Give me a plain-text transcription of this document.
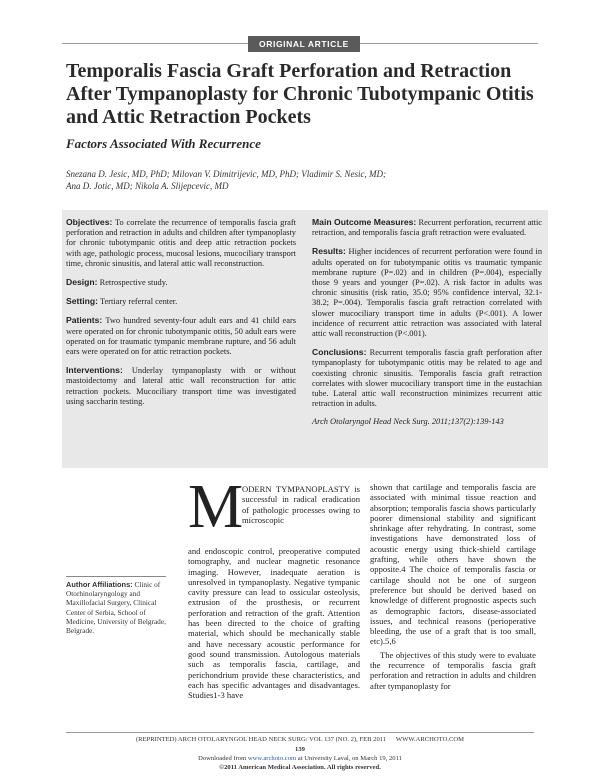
ORIGINAL ARTICLE
Temporalis Fascia Graft Perforation and Retraction After Tympanoplasty for Chronic Tubotympanic Otitis and Attic Retraction Pockets
Factors Associated With Recurrence
Snezana D. Jesic, MD, PhD; Milovan V. Dimitrijevic, MD, PhD; Vladimir S. Nesic, MD;
Ana D. Jotic, MD; Nikola A. Slijepcevic, MD

Objectives: To correlate the recurrence of temporalis fascia graft perforation and retraction in adults and children after tympanoplasty for chronic tubotympanic otitis and deep attic retraction pockets with age, pathologic process, mucosal lesions, mucociliary transport time, chronic sinusitis, and lateral attic wall reconstruction.

Design: Retrospective study.

Setting: Tertiary referral center.

Patients: Two hundred seventy-four adult ears and 41 child ears were operated on for chronic tubotympanic otitis, 50 adult ears were operated on for traumatic tympanic membrane rupture, and 56 adult ears were operated on for attic retraction pockets.

Interventions: Underlay tympanoplasty with or without mastoidectomy and lateral attic wall reconstruction for attic retraction pockets. Mucociliary transport time was investigated using saccharin testing.

Main Outcome Measures: Recurrent perforation, recurrent attic retraction, and temporalis fascia graft retraction were evaluated.

Results: Higher incidences of recurrent perforation were found in adults operated on for tubotympanic otitis vs traumatic tympanic membrane rupture (P=.02) and in children (P=.004), especially those 9 years and younger (P=.02). A risk factor in adults was chronic sinusitis (risk ratio, 35.0; 95% confidence interval, 32.1-38.2; P=.004). Temporalis fascia graft retraction correlated with slower mucociliary transport time in adults (P<.001). A lower incidence of recurrent attic retraction was associated with lateral attic wall reconstruction (P<.001).

Conclusions: Recurrent temporalis fascia graft perforation after tympanoplasty for tubotympanic otitis may be related to age and coexisting chronic sinusitis. Temporalis fascia graft retraction correlates with slower mucociliary transport time in the eustachian tube. Lateral attic wall reconstruction minimizes recurrent attic retraction in adults.

Arch Otolaryngol Head Neck Surg. 2011;137(2):139-143

M

ODERN TYMPANOPLASTY is successful in radical eradication of pathologic processes owing to microscopic

and endoscopic control, preoperative computed tomography, and nuclear magnetic resonance imaging. However, inadequate aeration is unresolved in tympanoplasty. Negative tympanic cavity pressure can lead to ossicular osteolysis, extrusion of the prosthesis, or recurrent perforation and retraction of the graft. Attention has been directed to the choice of grafting material, which should be mechanically stable and have necessary acoustic performance for good sound transmission. Autologous materials such as temporalis fascia, cartilage, and perichondrium provide these characteristics, and each has specific advantages and disadvantages. Studies1-3 have

shown that cartilage and temporalis fascia are associated with minimal tissue reaction and absorption; temporalis fascia shows particularly poorer dimensional stability and significant shrinkage after rehydrating. In contrast, some investigations have demonstrated loss of acoustic energy using thick-shield cartilage grafting, while others have shown the opposite.4 The choice of temporalis fascia or cartilage should not be one of surgeon preference but should be derived based on knowledge of different prognostic aspects such as demographic factors, disease-associated issues, and technical reasons (perioperative bleeding, the use of a graft that is too small, etc).5,6

The objectives of this study were to evaluate the recurrence of temporalis fascia graft perforation and retraction in adults and children after tympanoplasty for

Author Affiliations: Clinic of Otorhinolaryngology and Maxillofacial Surgery, Clinical Center of Serbia, School of Medicine, University of Belgrade, Belgrade.
(REPRINTED) ARCH OTOLARYNGOL HEAD NECK SURG/ VOL 137 (NO. 2), FEB 2011      WWW.ARCHOTO.COM
139
Downloaded from www.archoto.com at University Laval, on March 19, 2011
©2011 American Medical Association. All rights reserved.
